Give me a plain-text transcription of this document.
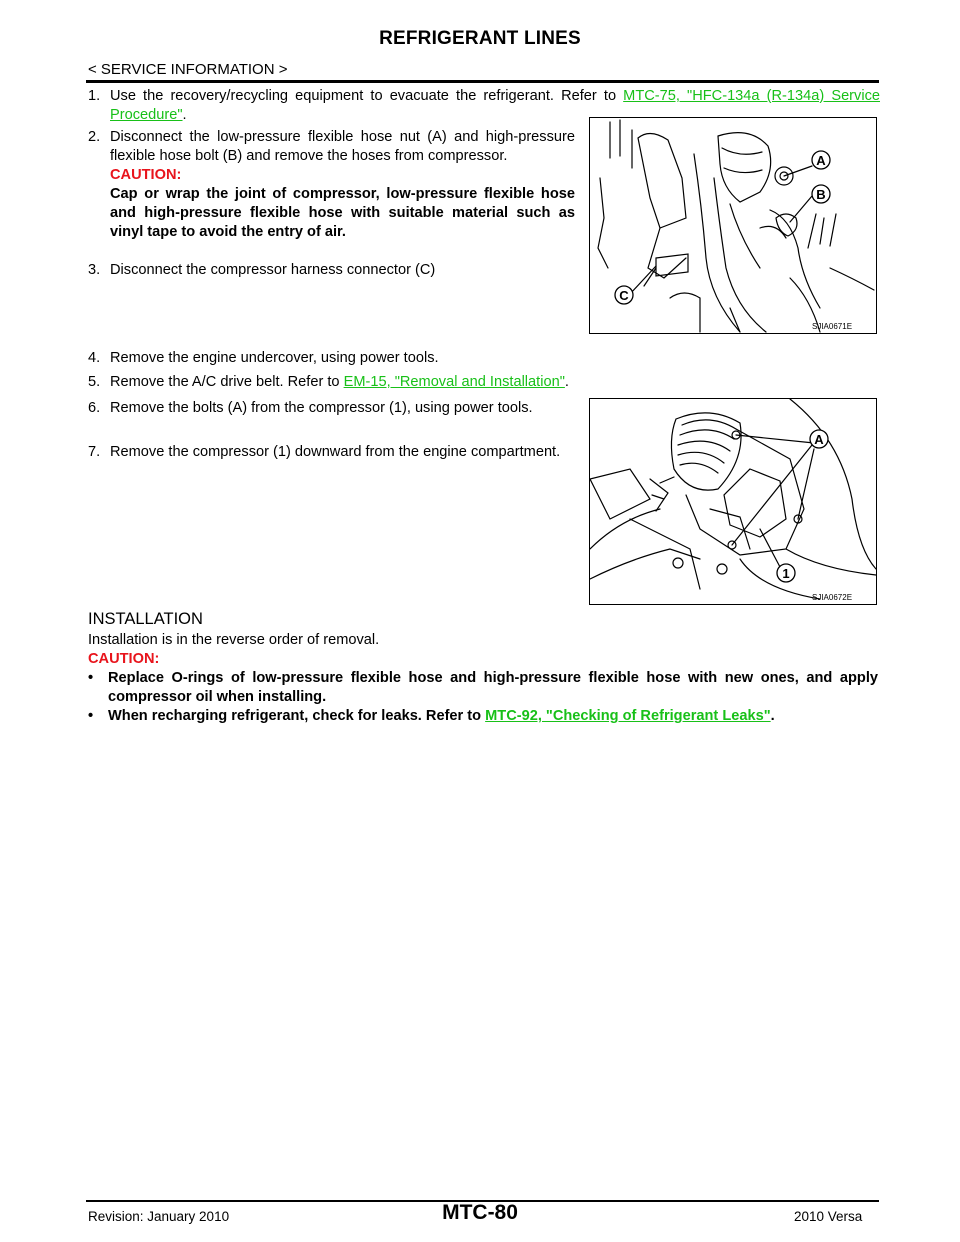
REFRIGERANT LINES
< SERVICE INFORMATION >
1. Use the recovery/recycling equipment to evacuate the refrigerant. Refer to MTC-75, "HFC-134a (R-134a) Service Procedure".
2. Disconnect the low-pressure flexible hose nut (A) and high-pressure flexible hose bolt (B) and remove the hoses from compressor.
CAUTION:
Cap or wrap the joint of compressor, low-pressure flexible hose and high-pressure flexible hose with suitable material such as vinyl tape to avoid the entry of air.
3. Disconnect the compressor harness connector (C)
A
B
C
SJIA0671E
4. Remove the engine undercover, using power tools.
5. Remove the A/C drive belt. Refer to EM-15, "Removal and Installation".
6. Remove the bolts (A) from the compressor (1), using power tools.
7. Remove the compressor (1) downward from the engine compartment.
A
1
SJIA0672E
INSTALLATION
Installation is in the reverse order of removal.
CAUTION:
• Replace O-rings of low-pressure flexible hose and high-pressure flexible hose with new ones, and apply compressor oil when installing.
• When recharging refrigerant, check for leaks. Refer to MTC-92, "Checking of Refrigerant Leaks".
MTC-80
Revision: January 2010	2010 Versa
